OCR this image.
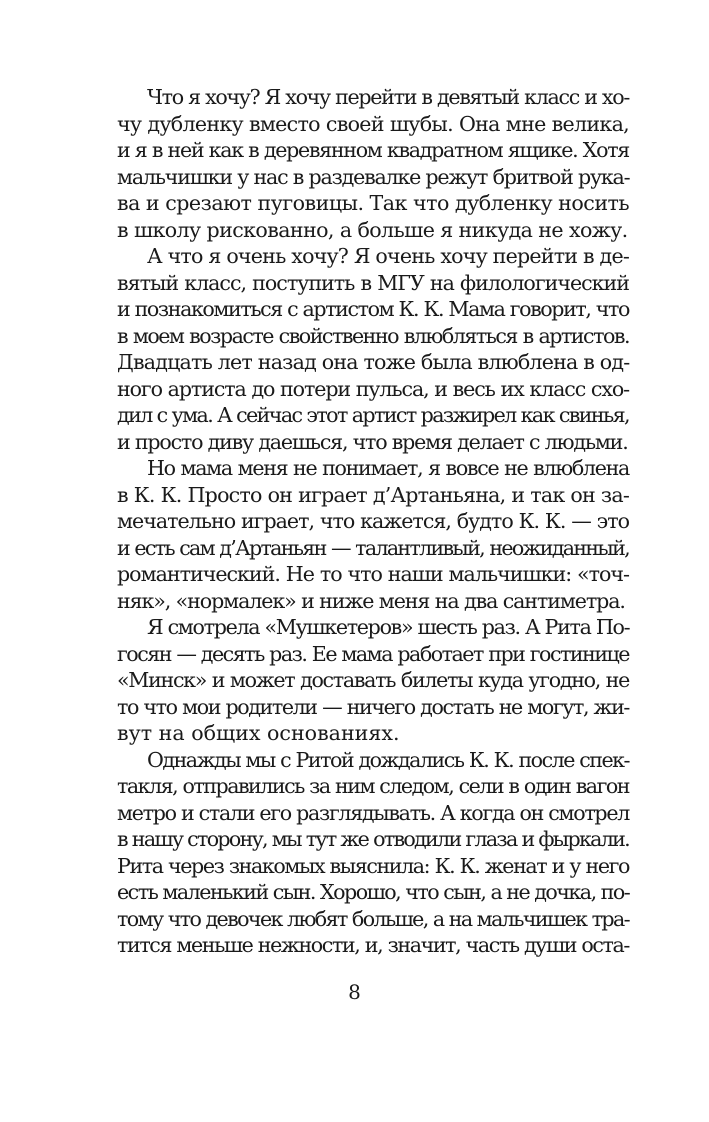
Что я хочу? Я хочу перейти в девятый класс и хо-
чу дубленку вместо своей шубы. Она мне велика,
и я в ней как в деревянном квадратном ящике. Хотя
мальчишки у нас в раздевалке режут бритвой рука-
ва и срезают пуговицы. Так что дубленку носить
в школу рискованно, а больше я никуда не хожу.
А что я очень хочу? Я очень хочу перейти в де-
вятый класс, поступить в МГУ на филологический
и познакомиться с артистом К. К. Мама говорит, что
в моем возрасте свойственно влюбляться в артистов.
Двадцать лет назад она тоже была влюблена в од-
ного артиста до потери пульса, и весь их класс схо-
дил с ума. А сейчас этот артист разжирел как свинья,
и просто диву даешься, что время делает с людьми.
Но мама меня не понимает, я вовсе не влюблена
в К. К. Просто он играет д’Артаньяна, и так он за-
мечательно играет, что кажется, будто К. К. — это
и есть сам д’Артаньян — талантливый, неожиданный,
романтический. Не то что наши мальчишки: «точ-
няк», «нормалек» и ниже меня на два сантиметра.
Я смотрела «Мушкетеров» шесть раз. А Рита По-
госян — десять раз. Ее мама работает при гостинице
«Минск» и может доставать билеты куда угодно, не
то что мои родители — ничего достать не могут, жи-
вут на общих основаниях.
Однажды мы с Ритой дождались К. К. после спек-
такля, отправились за ним следом, сели в один вагон
метро и стали его разглядывать. А когда он смотрел
в нашу сторону, мы тут же отводили глаза и фыркали.
Рита через знакомых выяснила: К. К. женат и у него
есть маленький сын. Хорошо, что сын, а не дочка, по-
тому что девочек любят больше, а на мальчишек тра-
тится меньше нежности, и, значит, часть души оста-
8
